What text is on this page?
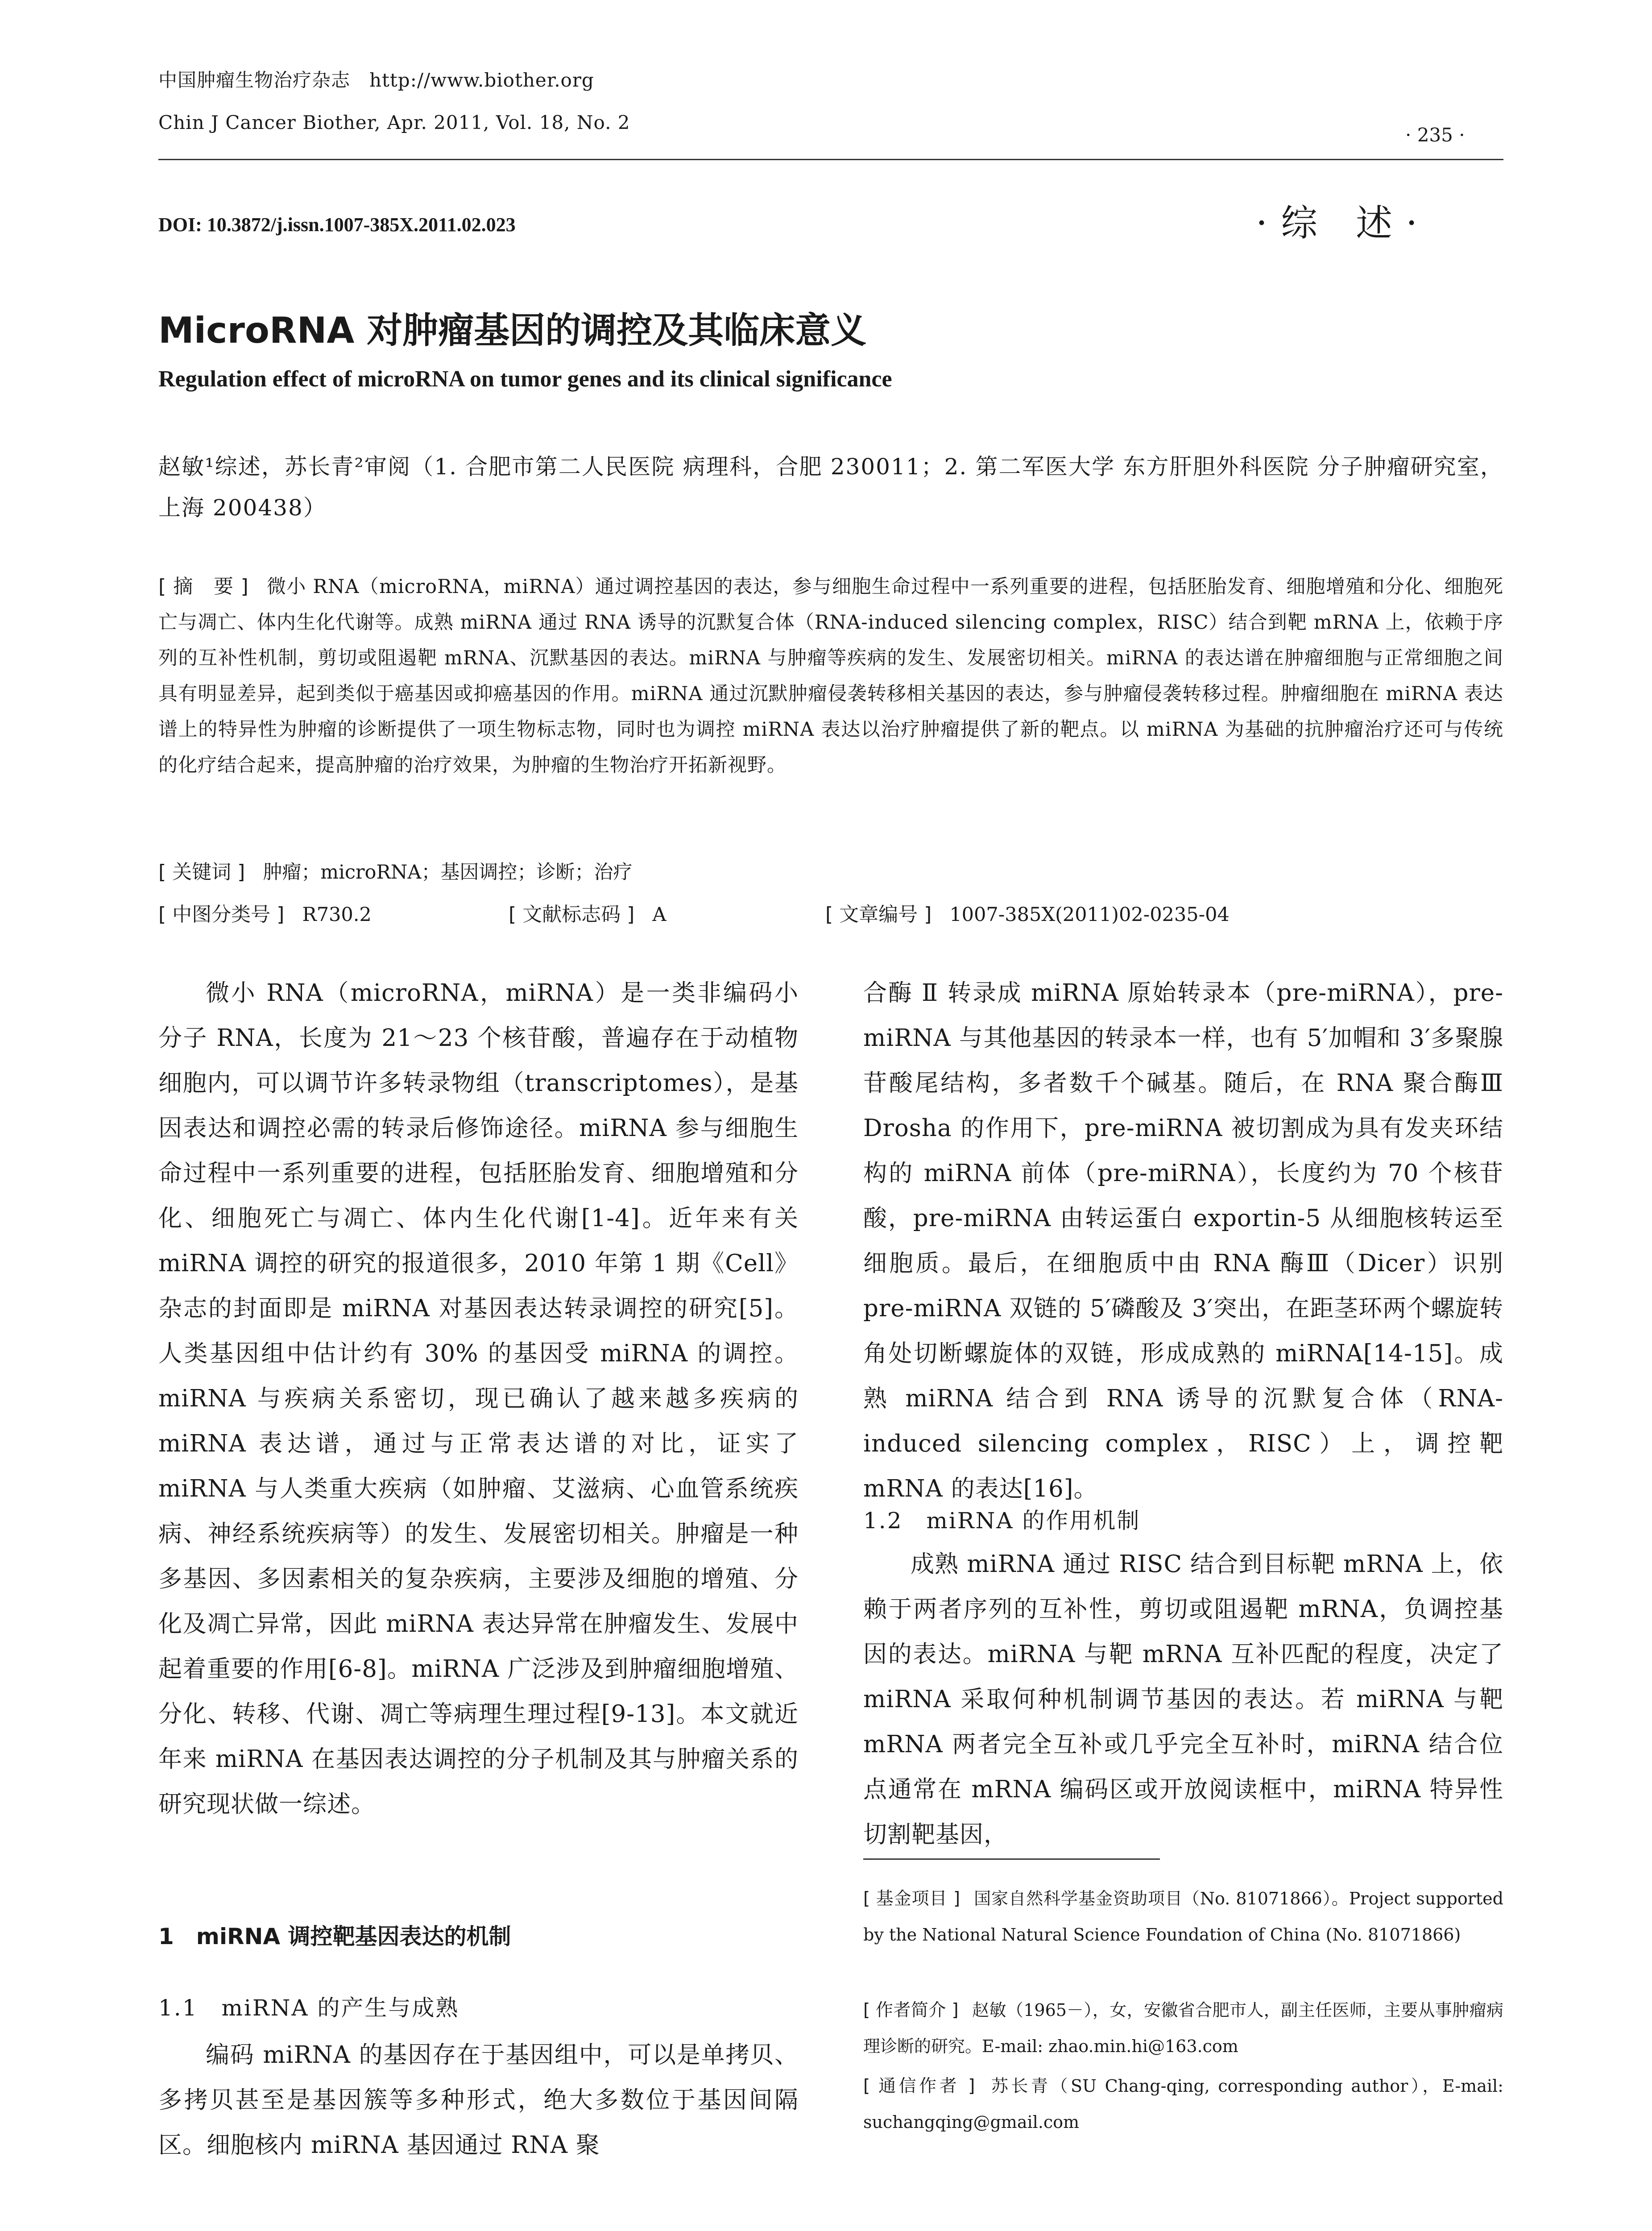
中国肿瘤生物治疗杂志　http://www.biother.org
Chin J Cancer Biother, Apr. 2011, Vol. 18, No. 2
· 235 ·
DOI: 10.3872/j.issn.1007-385X.2011.02.023	·综 述·
MicroRNA 对肿瘤基因的调控及其临床意义
Regulation effect of microRNA on tumor genes and its clinical significance
赵敏¹综述，苏长青²审阅（1. 合肥市第二人民医院 病理科，合肥 230011；2. 第二军医大学 东方肝胆外科医院 分子肿瘤研究室，上海 200438）
[ 摘　要 ] 微小 RNA（microRNA，miRNA）通过调控基因的表达，参与细胞生命过程中一系列重要的进程，包括胚胎发育、细胞增殖和分化、细胞死亡与凋亡、体内生化代谢等。成熟 miRNA 通过 RNA 诱导的沉默复合体（RNA-induced silencing complex，RISC）结合到靶 mRNA 上，依赖于序列的互补性机制，剪切或阻遏靶 mRNA、沉默基因的表达。miRNA 与肿瘤等疾病的发生、发展密切相关。miRNA 的表达谱在肿瘤细胞与正常细胞之间具有明显差异，起到类似于癌基因或抑癌基因的作用。miRNA 通过沉默肿瘤侵袭转移相关基因的表达，参与肿瘤侵袭转移过程。肿瘤细胞在 miRNA 表达谱上的特异性为肿瘤的诊断提供了一项生物标志物，同时也为调控 miRNA 表达以治疗肿瘤提供了新的靶点。以 miRNA 为基础的抗肿瘤治疗还可与传统的化疗结合起来，提高肿瘤的治疗效果，为肿瘤的生物治疗开拓新视野。
[ 关键词 ] 肿瘤；microRNA；基因调控；诊断；治疗
[ 中图分类号 ] R730.2	[ 文献标志码 ] A	[ 文章编号 ] 1007-385X(2011)02-0235-04

微小 RNA（microRNA，miRNA）是一类非编码小分子 RNA，长度为 21～23 个核苷酸，普遍存在于动植物细胞内，可以调节许多转录物组（transcriptomes），是基因表达和调控必需的转录后修饰途径。miRNA 参与细胞生命过程中一系列重要的进程，包括胚胎发育、细胞增殖和分化、细胞死亡与凋亡、体内生化代谢[1-4]。近年来有关 miRNA 调控的研究的报道很多，2010 年第 1 期《Cell》杂志的封面即是 miRNA 对基因表达转录调控的研究[5]。人类基因组中估计约有 30% 的基因受 miRNA 的调控。miRNA 与疾病关系密切，现已确认了越来越多疾病的 miRNA 表达谱，通过与正常表达谱的对比，证实了 miRNA 与人类重大疾病（如肿瘤、艾滋病、心血管系统疾病、神经系统疾病等）的发生、发展密切相关。肿瘤是一种多基因、多因素相关的复杂疾病，主要涉及细胞的增殖、分化及凋亡异常，因此 miRNA 表达异常在肿瘤发生、发展中起着重要的作用[6-8]。miRNA 广泛涉及到肿瘤细胞增殖、分化、转移、代谢、凋亡等病理生理过程[9-13]。本文就近年来 miRNA 在基因表达调控的分子机制及其与肿瘤关系的研究现状做一综述。

1　miRNA 调控靶基因表达的机制
1.1　miRNA 的产生与成熟

编码 miRNA 的基因存在于基因组中，可以是单拷贝、多拷贝甚至是基因簇等多种形式，绝大多数位于基因间隔区。细胞核内 miRNA 基因通过 RNA 聚

合酶 Ⅱ 转录成 miRNA 原始转录本（pre-miRNA），pre-miRNA 与其他基因的转录本一样，也有 5′加帽和 3′多聚腺苷酸尾结构，多者数千个碱基。随后，在 RNA 聚合酶Ⅲ Drosha 的作用下，pre-miRNA 被切割成为具有发夹环结构的 miRNA 前体（pre-miRNA），长度约为 70 个核苷酸，pre-miRNA 由转运蛋白 exportin-5 从细胞核转运至细胞质。最后，在细胞质中由 RNA 酶Ⅲ（Dicer）识别 pre-miRNA 双链的 5′磷酸及 3′突出，在距茎环两个螺旋转角处切断螺旋体的双链，形成成熟的 miRNA[14-15]。成熟 miRNA 结合到 RNA 诱导的沉默复合体（RNA-induced silencing complex，RISC）上，调控靶 mRNA 的表达[16]。

1.2　miRNA 的作用机制

成熟 miRNA 通过 RISC 结合到目标靶 mRNA 上，依赖于两者序列的互补性，剪切或阻遏靶 mRNA，负调控基因的表达。miRNA 与靶 mRNA 互补匹配的程度，决定了 miRNA 采取何种机制调节基因的表达。若 miRNA 与靶 mRNA 两者完全互补或几乎完全互补时，miRNA 结合位点通常在 mRNA 编码区或开放阅读框中，miRNA 特异性切割靶基因，

[ 基金项目 ] 国家自然科学基金资助项目（No. 81071866）。Project supported by the National Natural Science Foundation of China (No. 81071866)
[ 作者简介 ] 赵敏（1965－），女，安徽省合肥市人，副主任医师，主要从事肿瘤病理诊断的研究。E-mail: zhao.min.hi@163.com
[ 通信作者 ] 苏长青（SU Chang-qing, corresponding author），E-mail: suchangqing@gmail.com
